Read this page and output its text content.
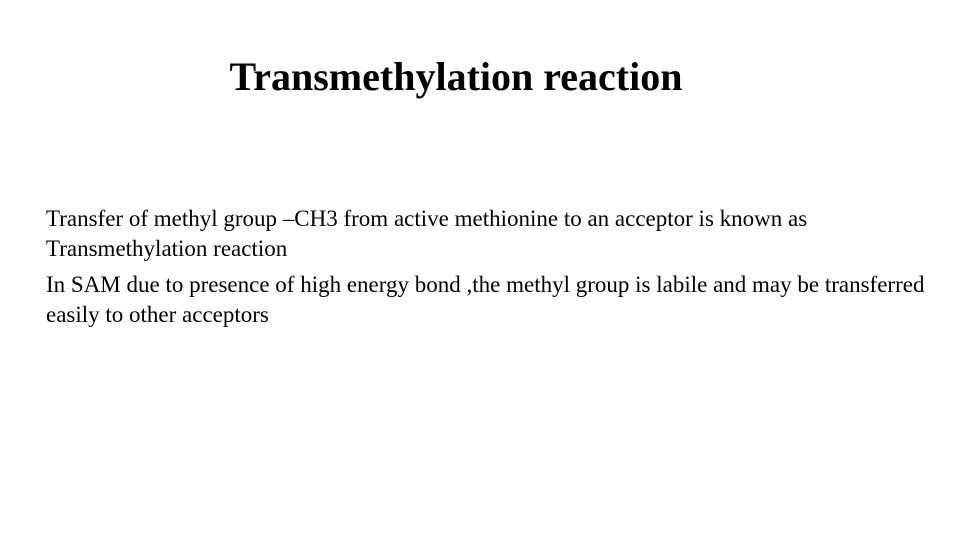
Transmethylation reaction
Transfer of methyl group –CH3 from active methionine to an acceptor is known as Transmethylation reaction
In SAM due to presence of high energy bond ,the methyl group is labile and may be transferred easily to other acceptors
